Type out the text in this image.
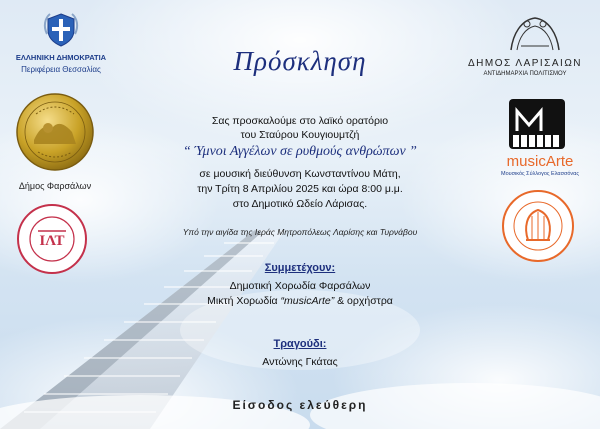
ΕΛΛΗΝΙΚΗ ΔΗΜΟΚΡΑΤΙΑ
Περιφέρεια Θεσσαλίας
Δήμος Φαρσάλων
ΙΛΤ
ΔΗΜΟΣ ΛΑΡΙΣΑΙΩΝ
ΑΝΤΙΔΗΜΑΡΧΙΑ ΠΟΛΙΤΙΣΜΟΥ
musicArte
Μουσικός Σύλλογος Ελασσόνας
Πρόσκληση
Σας προσκαλούμε στο λαϊκό ορατόριο
του Σταύρου Κουγιουμτζή
“ Ύμνοι Αγγέλων σε ρυθμούς ανθρώπων ”
σε μουσική διεύθυνση Κωνσταντίνου Μάτη,
την Τρίτη 8 Απριλίου 2025 και ώρα 8:00 μ.μ.
στο Δημοτικό Ωδείο Λάρισας.
Υπό την αιγίδα της Ιεράς Μητροπόλεως Λαρίσης και Τυρνάβου
Συμμετέχουν:
Δημοτική Χορωδία Φαρσάλων
Μικτή Χορωδία “musicArte” & ορχήστρα
Τραγούδι:
Αντώνης Γκάτας
Είσοδος ελεύθερη
